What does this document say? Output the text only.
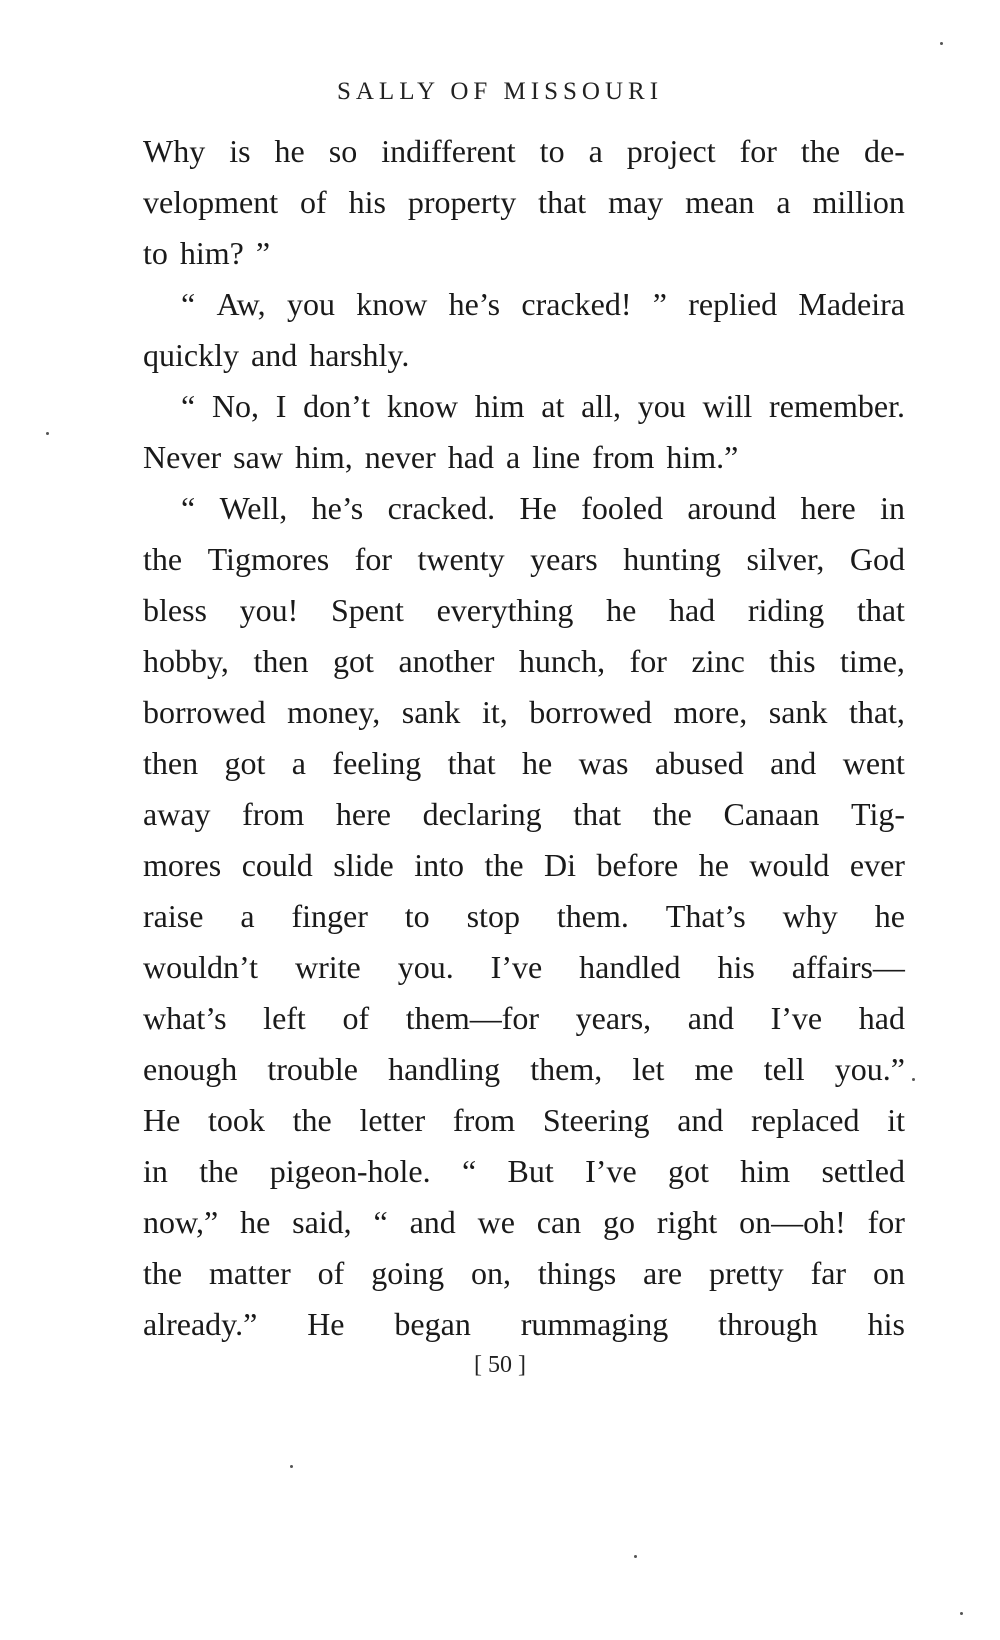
SALLY OF MISSOURI
Why is he so indifferent to a project for the de-
velopment of his property that may mean a million
to him? ”
“ Aw, you know he’s cracked! ” replied Madeira
quickly and harshly.
“ No, I don’t know him at all, you will remember.
Never saw him, never had a line from him.”
“ Well, he’s cracked. He fooled around here in
the Tigmores for twenty years hunting silver, God
bless you! Spent everything he had riding that
hobby, then got another hunch, for zinc this time,
borrowed money, sank it, borrowed more, sank that,
then got a feeling that he was abused and went
away from here declaring that the Canaan Tig-
mores could slide into the Di before he would ever
raise a finger to stop them. That’s why he
wouldn’t write you. I’ve handled his affairs—
what’s left of them—for years, and I’ve had
enough trouble handling them, let me tell you.”
He took the letter from Steering and replaced it
in the pigeon-hole. “ But I’ve got him settled
now,” he said, “ and we can go right on—oh! for
the matter of going on, things are pretty far on
already.” He began rummaging through his
[ 50 ]
